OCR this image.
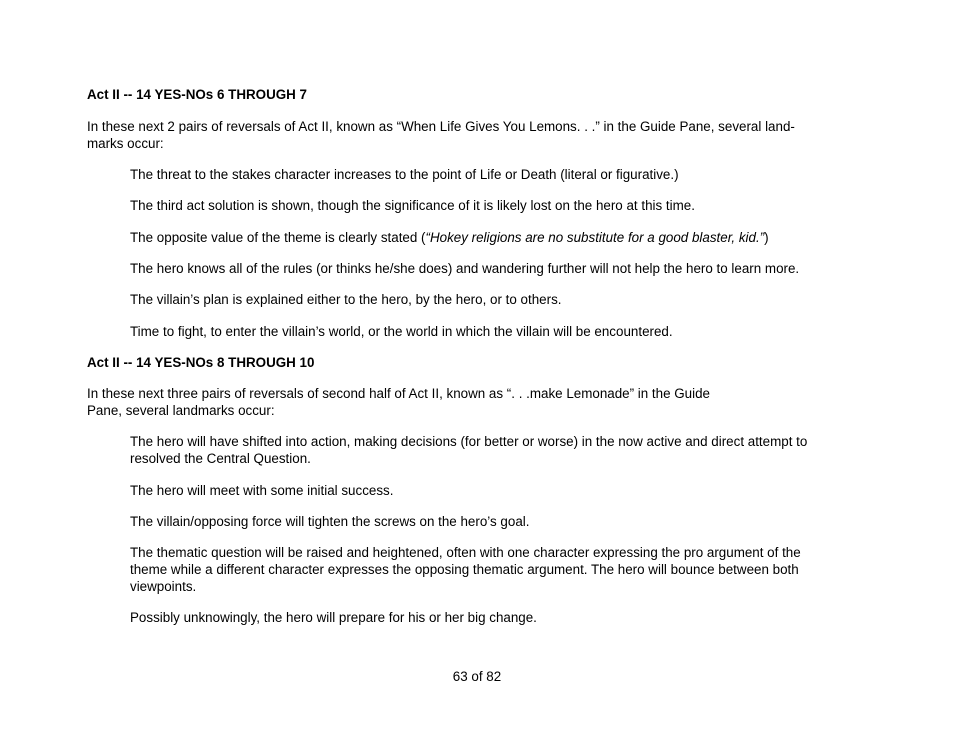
Act II -- 14 YES-NOs 6 THROUGH 7

In these next 2 pairs of reversals of Act II, known as “When Life Gives You Lemons. . .” in the Guide Pane, several land-
marks occur:

The threat to the stakes character increases to the point of Life or Death (literal or figurative.)

The third act solution is shown, though the significance of it is likely lost on the hero at this time.

The opposite value of the theme is clearly stated (“Hokey religions are no substitute for a good blaster, kid.”)

The hero knows all of the rules (or thinks he/she does) and wandering further will not help the hero to learn more.

The villain’s plan is explained either to the hero, by the hero, or to others.

Time to fight, to enter the villain’s world, or the world in which the villain will be encountered.

Act II -- 14 YES-NOs 8 THROUGH 10

In these next three pairs of reversals of second half of Act II, known as “. . .make Lemonade” in the Guide
Pane, several landmarks occur:
The hero will have shifted into action, making decisions (for better or worse) in the now active and direct attempt to
resolved the Central Question.
The hero will meet with some initial success.
The villain/opposing force will tighten the screws on the hero’s goal.
The thematic question will be raised and heightened, often with one character expressing the pro argument of the
theme while a different character expresses the opposing thematic argument. The hero will bounce between both
viewpoints.
Possibly unknowingly, the hero will prepare for his or her big change.
63 of 82
